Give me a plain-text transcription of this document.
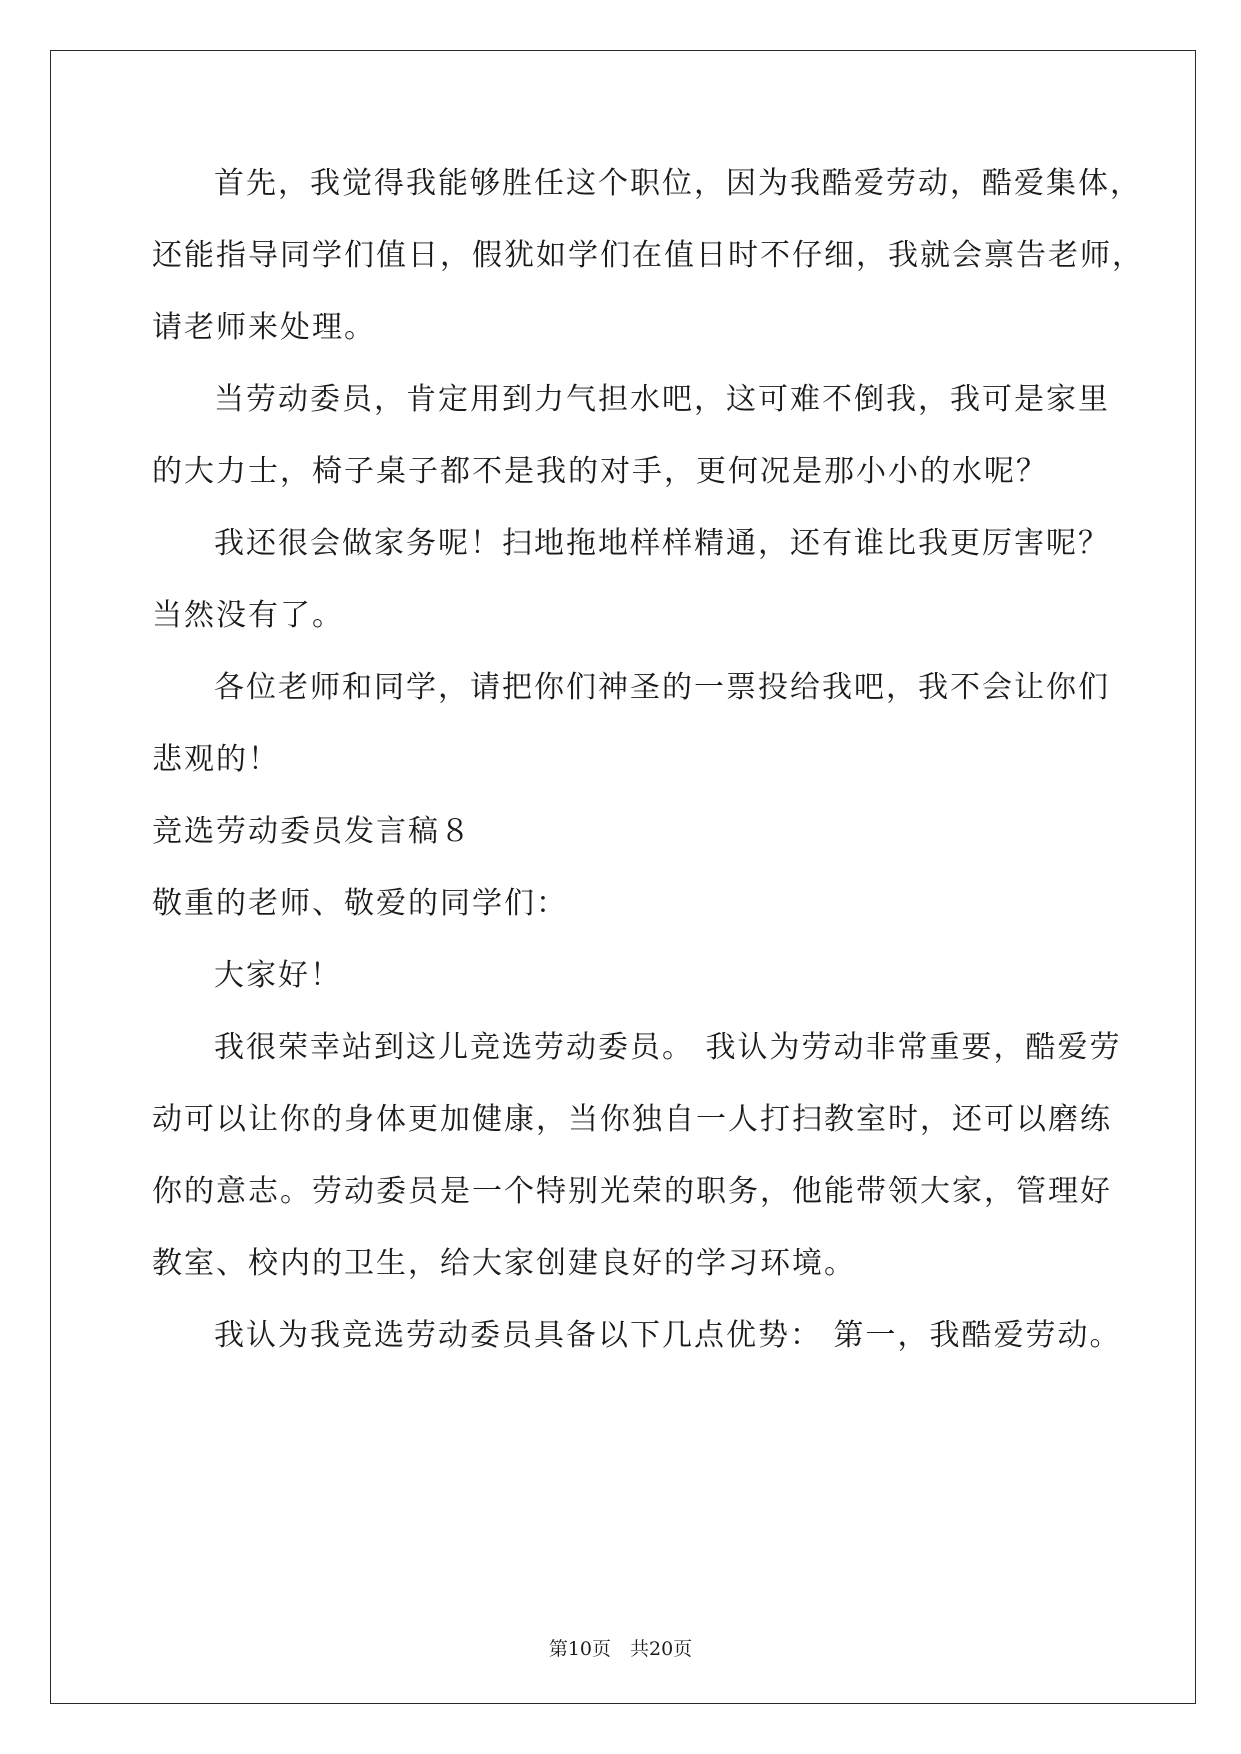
首先，我觉得我能够胜任这个职位，因为我酷爱劳动，酷爱集体，
还能指导同学们值日，假犹如学们在值日时不仔细，我就会禀告老师，
请老师来处理。
当劳动委员，肯定用到力气担水吧，这可难不倒我，我可是家里
的大力士，椅子桌子都不是我的对手，更何况是那小小的水呢？
我还很会做家务呢！扫地拖地样样精通，还有谁比我更厉害呢？
当然没有了。
各位老师和同学，请把你们神圣的一票投给我吧，我不会让你们
悲观的！
竞选劳动委员发言稿８
敬重的老师、敬爱的同学们：
大家好！
我很荣幸站到这儿竞选劳动委员。 我认为劳动非常重要，酷爱劳
动可以让你的身体更加健康，当你独自一人打扫教室时，还可以磨练
你的意志。劳动委员是一个特别光荣的职务，他能带领大家，管理好
教室、校内的卫生，给大家创建良好的学习环境。
我认为我竞选劳动委员具备以下几点优势： 第一，我酷爱劳动。
第10页　共20页
